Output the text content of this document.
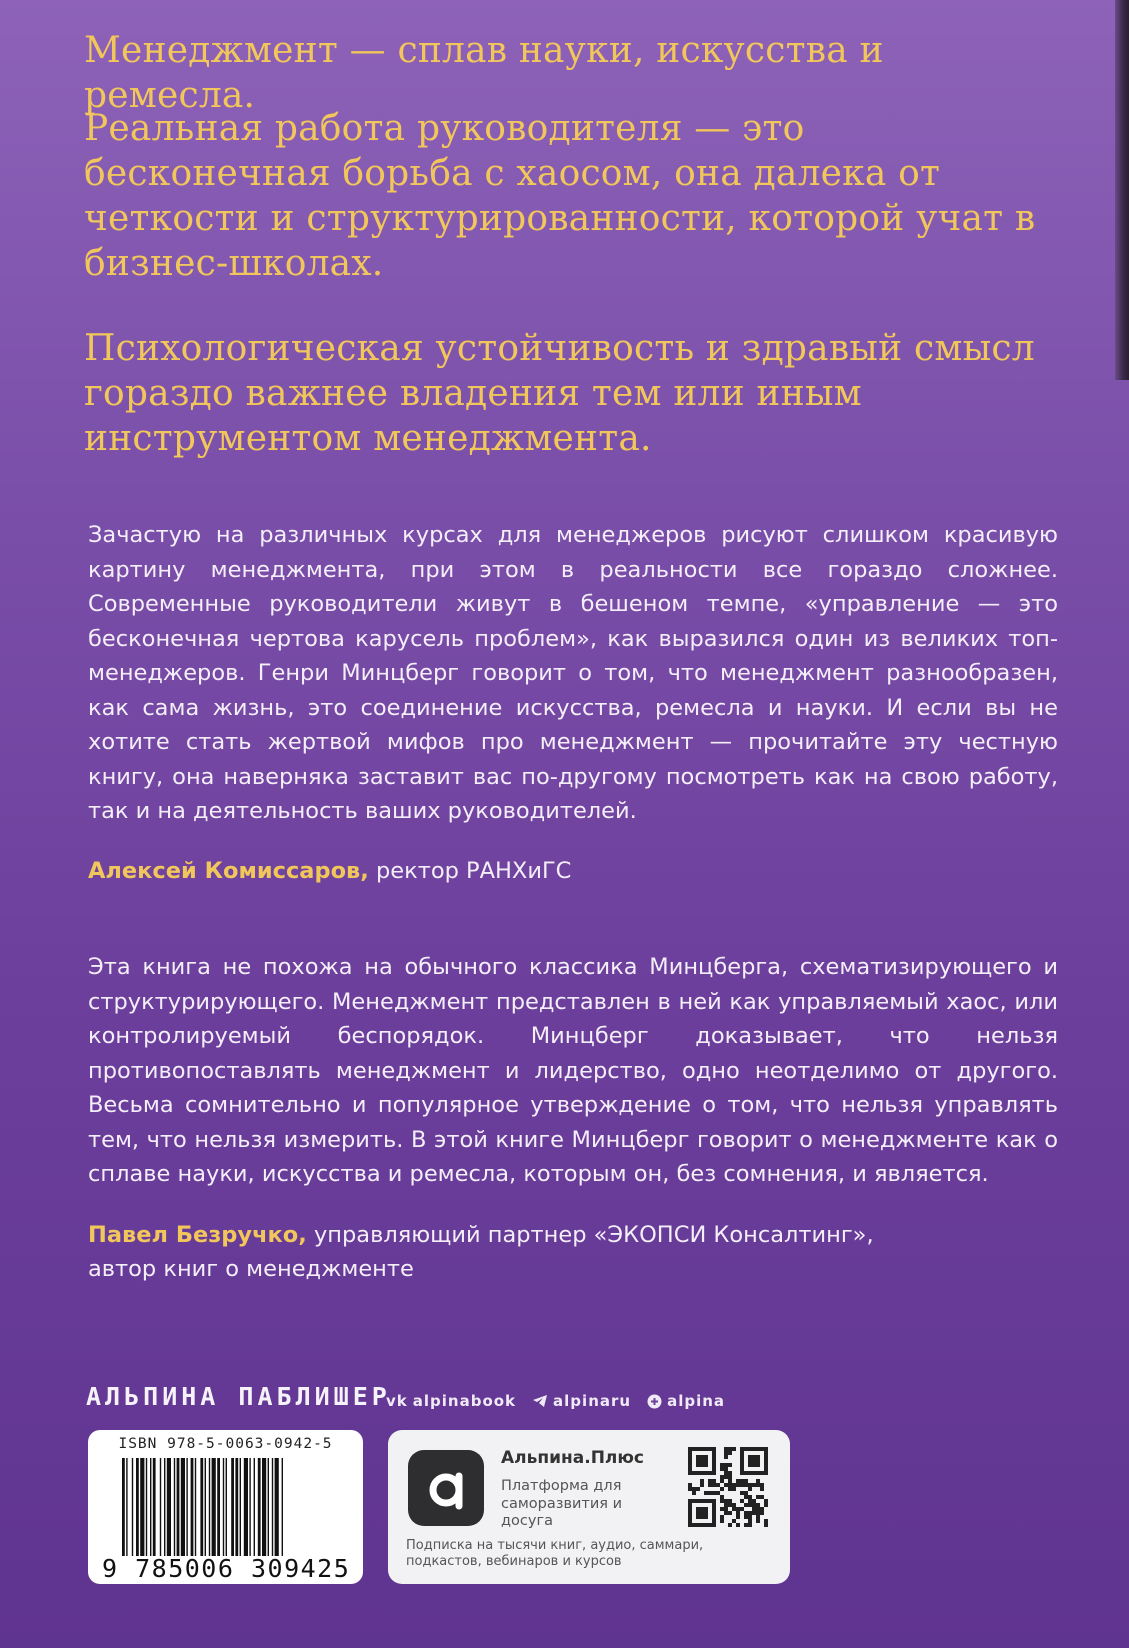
Менеджмент — сплав науки, искусства и ремесла.
Реальная работа руководителя — это бесконечная борьба с хаосом, она далека от четкости и структурированности, которой учат в бизнес-школах.
Психологическая устойчивость и здравый смысл гораздо важнее владения тем или иным инструментом менеджмента.

Зачастую на различных курсах для менеджеров рисуют слишком красивую картину менеджмента, при этом в реальности все гораздо сложнее. Современные руководители живут в бешеном темпе, «управление — это бесконечная чертова карусель проблем», как выразился один из великих топ-менеджеров. Генри Минцберг говорит о том, что менеджмент разнообразен, как сама жизнь, это соединение искусства, ремесла и науки. И если вы не хотите стать жертвой мифов про менеджмент — прочитайте эту честную книгу, она наверняка заставит вас по-другому посмотреть как на свою работу, так и на деятельность ваших руководителей.

Алексей Комиссаров, ректор РАНХиГС

Эта книга не похожа на обычного классика Минцберга, схематизирующего и структурирующего. Менеджмент представлен в ней как управляемый хаос, или контролируемый беспорядок. Минцберг доказывает, что нельзя противопоставлять менеджмент и лидерство, одно неотделимо от другого. Весьма сомнительно и популярное утверждение о том, что нельзя управлять тем, что нельзя измерить. В этой книге Минцберг говорит о менеджменте как о сплаве науки, искусства и ремесла, которым он, без сомнения, и является.

Павел Безручко, управляющий партнер «ЭКОПСИ Консалтинг»,
автор книг о менеджменте
АЛЬПИНА ПАБЛИШЕР
vk alpinabook alpinaru alpina
ISBN 978-5-0063-0942-5
9 785006 309425
Альпина.Плюс
Платформа для саморазвития и досуга
Подписка на тысячи книг, аудио, саммари, подкастов, вебинаров и курсов
